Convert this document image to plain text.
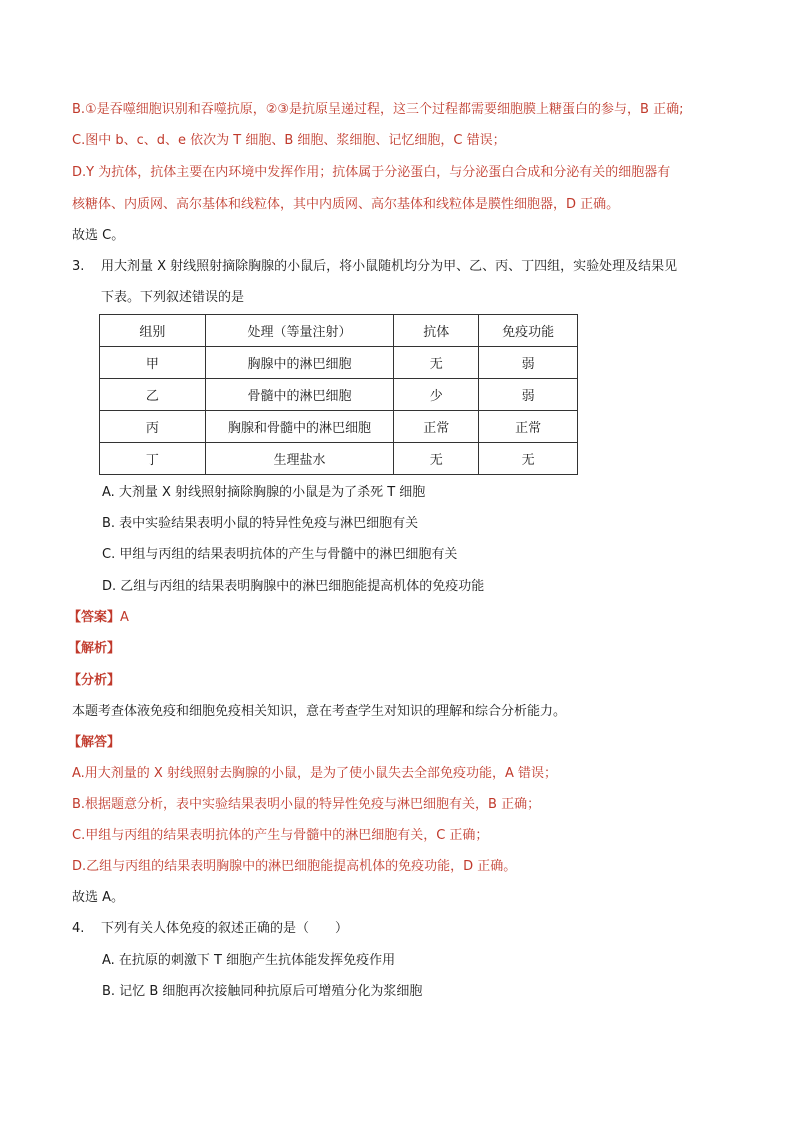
B.①是吞噬细胞识别和吞噬抗原，②③是抗原呈递过程，这三个过程都需要细胞膜上糖蛋白的参与，B 正确;
C.图中 b、c、d、e 依次为 T 细胞、B 细胞、浆细胞、记忆细胞，C 错误；
D.Y 为抗体，抗体主要在内环境中发挥作用；抗体属于分泌蛋白，与分泌蛋白合成和分泌有关的细胞器有
核糖体、内质网、高尔基体和线粒体，其中内质网、高尔基体和线粒体是膜性细胞器，D 正确。
故选 C。
3. 用大剂量 X 射线照射摘除胸腺的小鼠后，将小鼠随机均分为甲、乙、丙、丁四组，实验处理及结果见
下表。下列叙述错误的是
组别	处理（等量注射）	抗体	免疫功能
甲	胸腺中的淋巴细胞	无	弱
乙	骨髓中的淋巴细胞	少	弱
丙	胸腺和骨髓中的淋巴细胞	正常	正常
丁	生理盐水	无	无
A. 大剂量 X 射线照射摘除胸腺的小鼠是为了杀死 T 细胞
B. 表中实验结果表明小鼠的特异性免疫与淋巴细胞有关
C. 甲组与丙组的结果表明抗体的产生与骨髓中的淋巴细胞有关
D. 乙组与丙组的结果表明胸腺中的淋巴细胞能提高机体的免疫功能
【答案】A
【解析】
【分析】
本题考查体液免疫和细胞免疫相关知识，意在考查学生对知识的理解和综合分析能力。
【解答】
A.用大剂量的 X 射线照射去胸腺的小鼠，是为了使小鼠失去全部免疫功能，A 错误；
B.根据题意分析，表中实验结果表明小鼠的特异性免疫与淋巴细胞有关，B 正确；
C.甲组与丙组的结果表明抗体的产生与骨髓中的淋巴细胞有关，C 正确；
D.乙组与丙组的结果表明胸腺中的淋巴细胞能提高机体的免疫功能，D 正确。
故选 A。
4. 下列有关人体免疫的叙述正确的是（　　）
A. 在抗原的刺激下 T 细胞产生抗体能发挥免疫作用
B. 记忆 B 细胞再次接触同种抗原后可增殖分化为浆细胞
